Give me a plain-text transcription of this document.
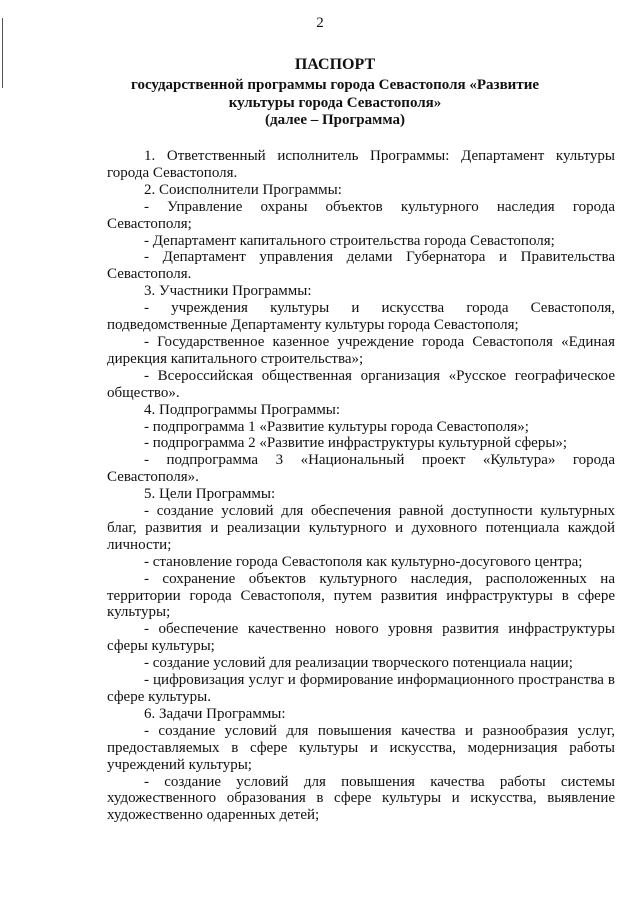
2
ПАСПОРТ
государственной программы города Севастополя «Развитие
культуры города Севастополя»
(далее – Программа)

1. Ответственный исполнитель Программы: Департамент культуры города Севастополя.

2. Соисполнители Программы:

- Управление охраны объектов культурного наследия города Севастополя;

- Департамент капитального строительства города Севастополя;

- Департамент управления делами Губернатора и Правительства Севастополя.

3. Участники Программы:

- учреждения культуры и искусства города Севастополя, подведомственные Департаменту культуры города Севастополя;

- Государственное казенное учреждение города Севастополя «Единая дирекция капитального строительства»;

- Всероссийская общественная организация «Русское географическое общество».

4. Подпрограммы Программы:

- подпрограмма 1 «Развитие культуры города Севастополя»;

- подпрограмма 2 «Развитие инфраструктуры культурной сферы»;

- подпрограмма 3 «Национальный проект «Культура» города Севастополя».

5. Цели Программы:

- создание условий для обеспечения равной доступности культурных благ, развития и реализации культурного и духовного потенциала каждой личности;

- становление города Севастополя как культурно-досугового центра;

- сохранение объектов культурного наследия, расположенных на территории города Севастополя, путем развития инфраструктуры в сфере культуры;

- обеспечение качественно нового уровня развития инфраструктуры сферы культуры;

- создание условий для реализации творческого потенциала нации;

- цифровизация услуг и формирование информационного пространства в сфере культуры.

6. Задачи Программы:

- создание условий для повышения качества и разнообразия услуг, предоставляемых в сфере культуры и искусства, модернизация работы учреждений культуры;

- создание условий для повышения качества работы системы художественного образования в сфере культуры и искусства, выявление художественно одаренных детей;
